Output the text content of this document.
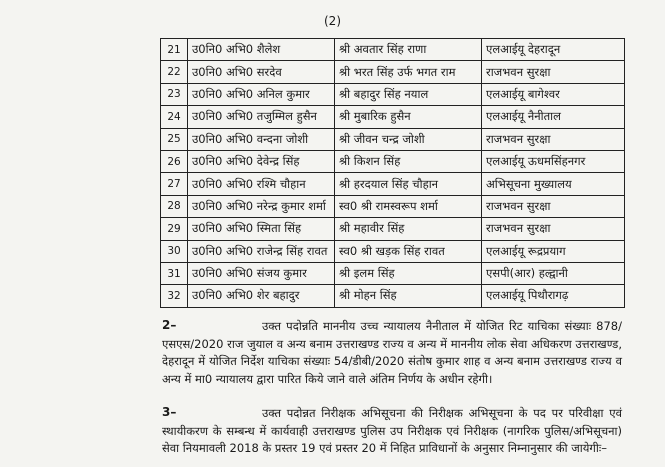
(2)
21	उ0नि0 अभि0 शैलेश	श्री अवतार सिंह राणा	एलआईयू देहरादून
22	उ0नि0 अभि0 सरदेव	श्री भरत सिंह उर्फ भगत राम	राजभवन सुरक्षा
23	उ0नि0 अभि0 अनिल कुमार	श्री बहादुर सिंह नयाल	एलआईयू बागेश्वर
24	उ0नि0 अभि0 तजुम्मिल हुसैन	श्री मुबारिक हुसैन	एलआईयू नैनीताल
25	उ0नि0 अभि0 वन्दना जोशी	श्री जीवन चन्द्र जोशी	राजभवन सुरक्षा
26	उ0नि0 अभि0 देवेन्द्र सिंह	श्री किशन सिंह	एलआईयू ऊधमसिंहनगर
27	उ0नि0 अभि0 रश्मि चौहान	श्री हरदयाल सिंह चौहान	अभिसूचना मुख्यालय
28	उ0नि0 अभि0 नरेन्द्र कुमार शर्मा	स्व0 श्री रामस्वरूप शर्मा	राजभवन सुरक्षा
29	उ0नि0 अभि0 स्मिता सिंह	श्री महावीर सिंह	राजभवन सुरक्षा
30	उ0नि0 अभि0 राजेन्द्र सिंह रावत	स्व0 श्री खड़क सिंह रावत	एलआईयू रूद्रप्रयाग
31	उ0नि0 अभि0 संजय कुमार	श्री इलम सिंह	एसपी(आर) हल्द्वानी
32	उ0नि0 अभि0 शेर बहादुर	श्री मोहन सिंह	एलआईयू पिथौरागढ़
2–	उक्त पदोन्नति माननीय उच्च न्यायालय नैनीताल में योजित रिट याचिका संख्याः 878/एसएस/2020 राज जुयाल व अन्य बनाम उत्तराखण्ड राज्य व अन्य में माननीय लोक सेवा अधिकरण उत्तराखण्ड, देहरादून में योजित निर्देश याचिका संख्याः 54/डीबी/2020 संतोष कुमार शाह व अन्य बनाम उत्तराखण्ड राज्य व अन्य में मा0 न्यायालय द्वारा पारित किये जाने वाले अंतिम निर्णय के अधीन रहेगी।
3–	उक्त पदोन्नत निरीक्षक अभिसूचना की निरीक्षक अभिसूचना के पद पर परिवीक्षा एवं स्थायीकरण के सम्बन्ध में कार्यवाही उत्तराखण्ड पुलिस उप निरीक्षक एवं निरीक्षक (नागरिक पुलिस/अभिसूचना) सेवा नियमावली 2018 के प्रस्तर 19 एवं प्रस्तर 20 में निहित प्राविधानों के अनुसार निम्नानुसार की जायेगीः–
